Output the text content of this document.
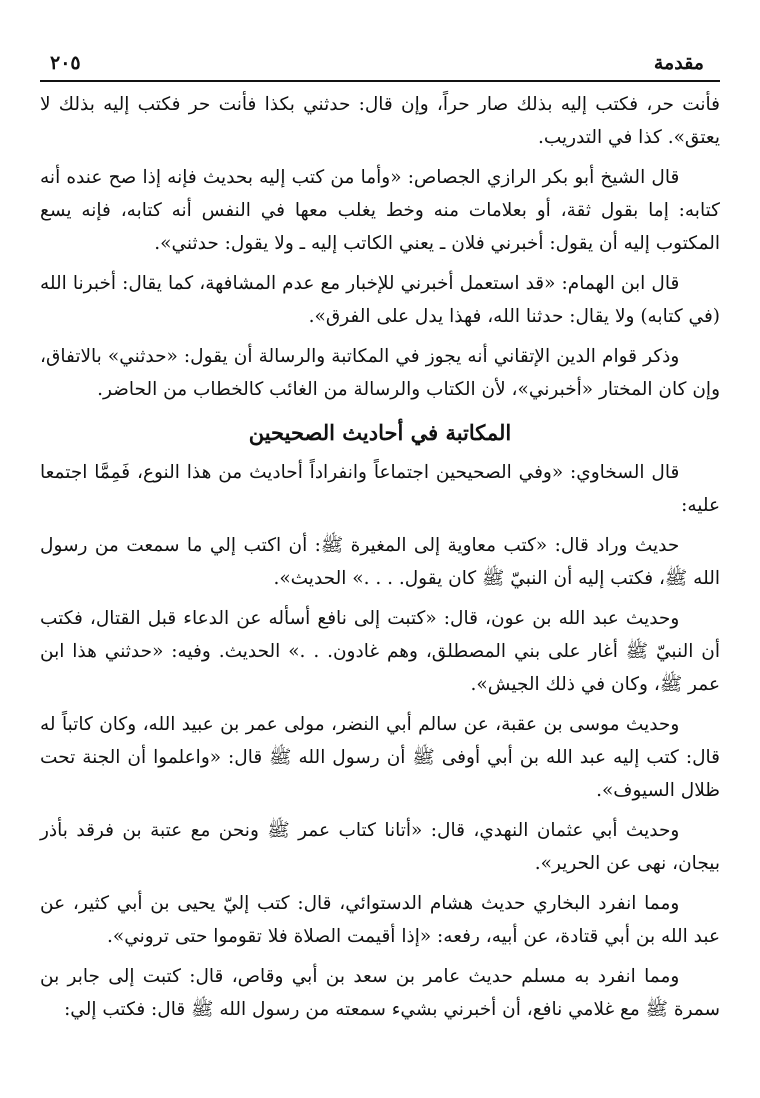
مقدمة
٢٠٥

فأنت حر، فكتب إليه بذلك صار حراً، وإن قال: حدثني بكذا فأنت حر فكتب إليه بذلك لا يعتق». كذا في التدريب.

قال الشيخ أبو بكر الرازي الجصاص: «وأما من كتب إليه بحديث فإنه إذا صح عنده أنه كتابه: إما بقول ثقة، أو بعلامات منه وخط يغلب معها في النفس أنه كتابه، فإنه يسع المكتوب إليه أن يقول: أخبرني فلان ـ يعني الكاتب إليه ـ ولا يقول: حدثني».

قال ابن الهمام: «قد استعمل أخبرني للإخبار مع عدم المشافهة، كما يقال: أخبرنا الله (في كتابه) ولا يقال: حدثنا الله، فهذا يدل على الفرق».

وذكر قوام الدين الإتقاني أنه يجوز في المكاتبة والرسالة أن يقول: «حدثني» بالاتفاق، وإن كان المختار «أخبرني»، لأن الكتاب والرسالة من الغائب كالخطاب من الحاضر.

المكاتبة في أحاديث الصحيحين

قال السخاوي: «وفي الصحيحين اجتماعاً وانفراداً أحاديث من هذا النوع، فَمِمَّا اجتمعا عليه:

حديث وراد قال: «كتب معاوية إلى المغيرة ﷺ: أن اكتب إلي ما سمعت من رسول الله ﷺ، فكتب إليه أن النبيّ ﷺ كان يقول. . . .» الحديث».

وحديث عبد الله بن عون، قال: «كتبت إلى نافع أسأله عن الدعاء قبل القتال، فكتب أن النبيّ ﷺ أغار على بني المصطلق، وهم غادون. . .» الحديث. وفيه: «حدثني هذا ابن عمر ﷺ، وكان في ذلك الجيش».

وحديث موسى بن عقبة، عن سالم أبي النضر، مولى عمر بن عبيد الله، وكان كاتباً له قال: كتب إليه عبد الله بن أبي أوفى ﷺ أن رسول الله ﷺ قال: «واعلموا أن الجنة تحت ظلال السيوف».

وحديث أبي عثمان النهدي، قال: «أتانا كتاب عمر ﷺ ونحن مع عتبة بن فرقد بأذر بيجان، نهى عن الحرير».

ومما انفرد البخاري حديث هشام الدستوائي، قال: كتب إليّ يحيى بن أبي كثير، عن عبد الله بن أبي قتادة، عن أبيه، رفعه: «إذا أقيمت الصلاة فلا تقوموا حتى تروني».

ومما انفرد به مسلم حديث عامر بن سعد بن أبي وقاص، قال: كتبت إلى جابر بن سمرة ﷺ مع غلامي نافع، أن أخبرني بشيء سمعته من رسول الله ﷺ قال: فكتب إلي:
